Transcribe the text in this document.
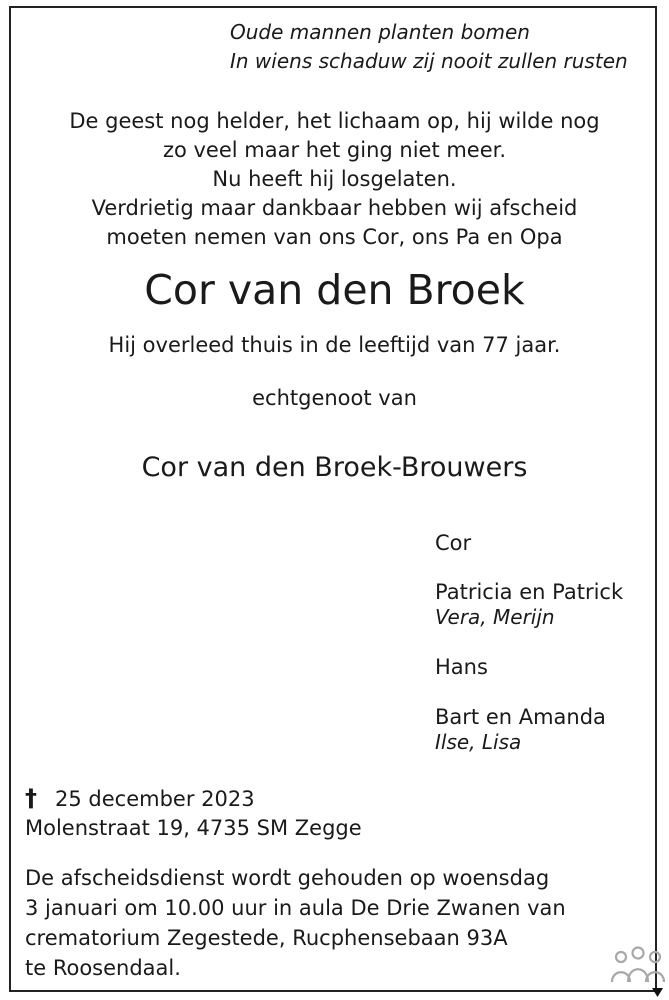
Oude mannen planten bomen
In wiens schaduw zij nooit zullen rusten
De geest nog helder, het lichaam op, hij wilde nog
zo veel maar het ging niet meer.
Nu heeft hij losgelaten.
Verdrietig maar dankbaar hebben wij afscheid
moeten nemen van ons Cor, ons Pa en Opa
Cor van den Broek
Hij overleed thuis in de leeftijd van 77 jaar.
echtgenoot van
Cor van den Broek-Brouwers
Cor
Patricia en Patrick
Vera, Merijn
Hans
Bart en Amanda
Ilse, Lisa
† 25 december 2023
Molenstraat 19, 4735 SM Zegge
De afscheidsdienst wordt gehouden op woensdag
3 januari om 10.00 uur in aula De Drie Zwanen van
crematorium Zegestede, Rucphensebaan 93A
te Roosendaal.
